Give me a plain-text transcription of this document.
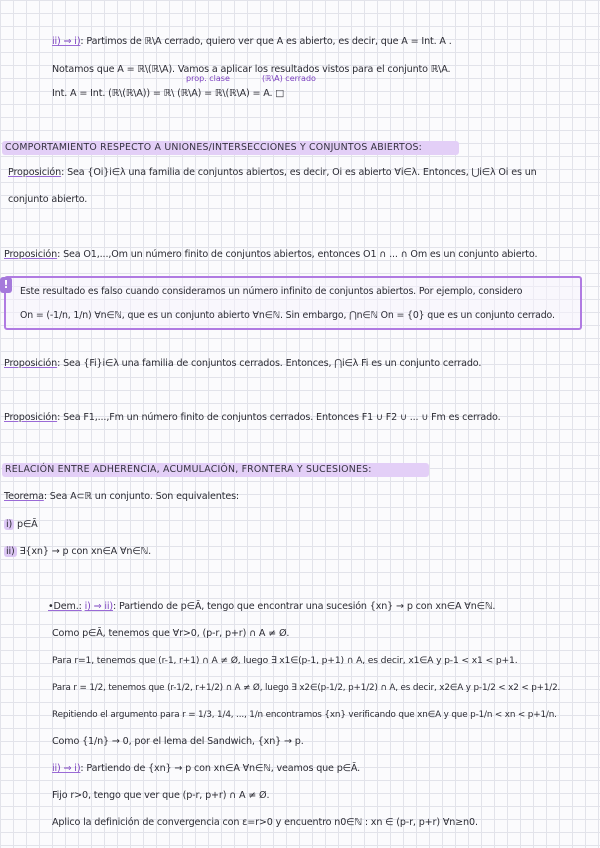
ii) ⇒ i): Partimos de ℝ\A cerrado, quiero ver que A es abierto, es decir, que A = Int. A .
Notamos que A = ℝ\(ℝ\A). Vamos a aplicar los resultados vistos para el conjunto ℝ\A.
prop. clase	(ℝ\A) cerrado
Int. A = Int. (ℝ\(ℝ\A)) = ℝ\ (ℝ\A) = ℝ\(ℝ\A) = A. □
COMPORTAMIENTO RESPECTO A UNIONES/INTERSECCIONES Y CONJUNTOS ABIERTOS:
Proposición: Sea {Oi}i∈λ una familia de conjuntos abiertos, es decir, Oi es abierto ∀i∈λ. Entonces, ⋃i∈λ Oi es un
conjunto abierto.
Proposición: Sea O1,...,Om un número finito de conjuntos abiertos, entonces O1 ∩ ... ∩ Om es un conjunto abierto.
!
Este resultado es falso cuando consideramos un número infinito de conjuntos abiertos. Por ejemplo, considero
On = (-1/n, 1/n) ∀n∈ℕ, que es un conjunto abierto ∀n∈ℕ. Sin embargo, ⋂n∈ℕ On = {0} que es un conjunto cerrado.
Proposición: Sea {Fi}i∈λ una familia de conjuntos cerrados. Entonces, ⋂i∈λ Fi es un conjunto cerrado.
Proposición: Sea F1,...,Fm un número finito de conjuntos cerrados. Entonces F1 ∪ F2 ∪ ... ∪ Fm es cerrado.
RELACIÓN ENTRE ADHERENCIA, ACUMULACIÓN, FRONTERA Y SUCESIONES:
Teorema: Sea A⊂ℝ un conjunto. Son equivalentes:
i) p∈Ā
ii) ∃{xn} → p con xn∈A ∀n∈ℕ.
•Dem.: i) ⇒ ii): Partiendo de p∈Ā, tengo que encontrar una sucesión {xn} → p con xn∈A ∀n∈ℕ.
Como p∈Ā, tenemos que ∀r>0, (p-r, p+r) ∩ A ≠ Ø.
Para r=1, tenemos que (r-1, r+1) ∩ A ≠ Ø, luego ∃ x1∈(p-1, p+1) ∩ A, es decir, x1∈A y p-1 < x1 < p+1.
Para r = 1/2, tenemos que (r-1/2, r+1/2) ∩ A ≠ Ø, luego ∃ x2∈(p-1/2, p+1/2) ∩ A, es decir, x2∈A y p-1/2 < x2 < p+1/2.
Repitiendo el argumento para r = 1/3, 1/4, ..., 1/n encontramos {xn} verificando que xn∈A y que p-1/n < xn < p+1/n.
Como {1/n} → 0, por el lema del Sandwich, {xn} → p.
ii) ⇒ i): Partiendo de {xn} → p con xn∈A ∀n∈ℕ, veamos que p∈Ā.
Fijo r>0, tengo que ver que (p-r, p+r) ∩ A ≠ Ø.
Aplico la definición de convergencia con ε=r>0 y encuentro n0∈ℕ : xn ∈ (p-r, p+r) ∀n≥n0.
